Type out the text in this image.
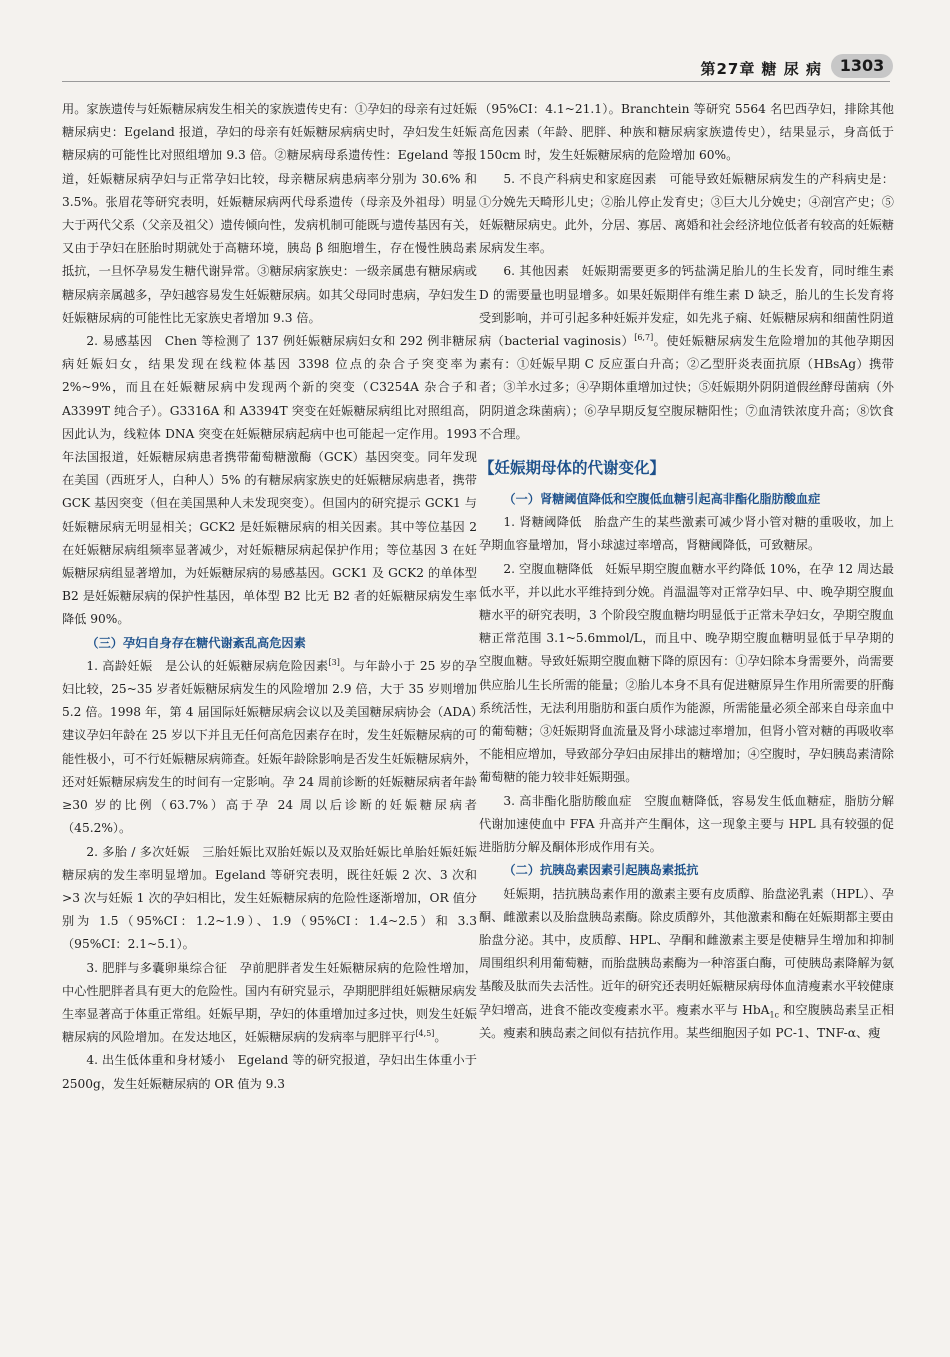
第27章 糖 尿 病	1303

用。家族遗传与妊娠糖尿病发生相关的家族遗传史有：①孕妇的母亲有过妊娠糖尿病史：Egeland 报道，孕妇的母亲有妊娠糖尿病病史时，孕妇发生妊娠糖尿病的可能性比对照组增加 9.3 倍。②糖尿病母系遗传性：Egeland 等报道，妊娠糖尿病孕妇与正常孕妇比较，母亲糖尿病患病率分别为 30.6% 和 3.5%。张眉花等研究表明，妊娠糖尿病两代母系遗传（母亲及外祖母）明显大于两代父系（父亲及祖父）遗传倾向性，发病机制可能既与遗传基因有关，又由于孕妇在胚胎时期就处于高糖环境，胰岛 β 细胞增生，存在慢性胰岛素抵抗，一旦怀孕易发生糖代谢异常。③糖尿病家族史：一级亲属患有糖尿病或糖尿病亲属越多，孕妇越容易发生妊娠糖尿病。如其父母同时患病，孕妇发生妊娠糖尿病的可能性比无家族史者增加 9.3 倍。

2. 易感基因　Chen 等检测了 137 例妊娠糖尿病妇女和 292 例非糖尿病妊娠妇女，结果发现在线粒体基因 3398 位点的杂合子突变率为 2%~9%，而且在妊娠糖尿病中发现两个新的突变（C3254A 杂合子和 A3399T 纯合子）。G3316A 和 A3394T 突变在妊娠糖尿病组比对照组高，因此认为，线粒体 DNA 突变在妊娠糖尿病起病中也可能起一定作用。1993 年法国报道，妊娠糖尿病患者携带葡萄糖激酶（GCK）基因突变。同年发现在美国（西班牙人，白种人）5% 的有糖尿病家族史的妊娠糖尿病患者，携带 GCK 基因突变（但在美国黑种人未发现突变）。但国内的研究提示 GCK1 与妊娠糖尿病无明显相关；GCK2 是妊娠糖尿病的相关因素。其中等位基因 2 在妊娠糖尿病组频率显著减少，对妊娠糖尿病起保护作用；等位基因 3 在妊娠糖尿病组显著增加，为妊娠糖尿病的易感基因。GCK1 及 GCK2 的单体型 B2 是妊娠糖尿病的保护性基因，单体型 B2 比无 B2 者的妊娠糖尿病发生率降低 90%。

（三）孕妇自身存在糖代谢紊乱高危因素

1. 高龄妊娠　是公认的妊娠糖尿病危险因素[3]。与年龄小于 25 岁的孕妇比较，25~35 岁者妊娠糖尿病发生的风险增加 2.9 倍，大于 35 岁则增加 5.2 倍。1998 年，第 4 届国际妊娠糖尿病会议以及美国糖尿病协会（ADA）建议孕妇年龄在 25 岁以下并且无任何高危因素存在时，发生妊娠糖尿病的可能性极小，可不行妊娠糖尿病筛查。妊娠年龄除影响是否发生妊娠糖尿病外，还对妊娠糖尿病发生的时间有一定影响。孕 24 周前诊断的妊娠糖尿病者年龄≥30 岁的比例（63.7%）高于孕 24 周以后诊断的妊娠糖尿病者（45.2%）。

2. 多胎 / 多次妊娠　三胎妊娠比双胎妊娠以及双胎妊娠比单胎妊娠妊娠糖尿病的发生率明显增加。Egeland 等研究表明，既往妊娠 2 次、3 次和 >3 次与妊娠 1 次的孕妇相比，发生妊娠糖尿病的危险性逐渐增加，OR 值分别为 1.5（95%CI：1.2~1.9）、1.9（95%CI：1.4~2.5）和 3.3（95%CI：2.1~5.1）。

3. 肥胖与多囊卵巢综合征　孕前肥胖者发生妊娠糖尿病的危险性增加，中心性肥胖者具有更大的危险性。国内有研究显示，孕期肥胖组妊娠糖尿病发生率显著高于体重正常组。妊娠早期，孕妇的体重增加过多过快，则发生妊娠糖尿病的风险增加。在发达地区，妊娠糖尿病的发病率与肥胖平行[4,5]。

4. 出生低体重和身材矮小　Egeland 等的研究报道，孕妇出生体重小于 2500g，发生妊娠糖尿病的 OR 值为 9.3

（95%CI：4.1~21.1）。Branchtein 等研究 5564 名巴西孕妇，排除其他高危因素（年龄、肥胖、种族和糖尿病家族遗传史），结果显示，身高低于 150cm 时，发生妊娠糖尿病的危险增加 60%。

5. 不良产科病史和家庭因素　可能导致妊娠糖尿病发生的产科病史是：①分娩先天畸形儿史；②胎儿停止发育史；③巨大儿分娩史；④剖宫产史；⑤妊娠糖尿病史。此外，分居、寡居、离婚和社会经济地位低者有较高的妊娠糖尿病发生率。

6. 其他因素　妊娠期需要更多的钙盐满足胎儿的生长发育，同时维生素 D 的需要量也明显增多。如果妊娠期伴有维生素 D 缺乏，胎儿的生长发育将受到影响，并可引起多种妊娠并发症，如先兆子痫、妊娠糖尿病和细菌性阴道病（bacterial vaginosis）[6,7]。使妊娠糖尿病发生危险增加的其他孕期因素有：①妊娠早期 C 反应蛋白升高；②乙型肝炎表面抗原（HBsAg）携带者；③羊水过多；④孕期体重增加过快；⑤妊娠期外阴阴道假丝酵母菌病（外阴阴道念珠菌病）；⑥孕早期反复空腹尿糖阳性；⑦血清铁浓度升高；⑧饮食不合理。

【妊娠期母体的代谢变化】

（一）肾糖阈值降低和空腹低血糖引起高非酯化脂肪酸血症

1. 肾糖阈降低　胎盘产生的某些激素可减少肾小管对糖的重吸收，加上孕期血容量增加，肾小球滤过率增高，肾糖阈降低，可致糖尿。

2. 空腹血糖降低　妊娠早期空腹血糖水平约降低 10%，在孕 12 周达最低水平，并以此水平维持到分娩。肖温温等对正常孕妇早、中、晚孕期空腹血糖水平的研究表明，3 个阶段空腹血糖均明显低于正常未孕妇女，孕期空腹血糖正常范围 3.1~5.6mmol/L，而且中、晚孕期空腹血糖明显低于早孕期的空腹血糖。导致妊娠期空腹血糖下降的原因有：①孕妇除本身需要外，尚需要供应胎儿生长所需的能量；②胎儿本身不具有促进糖原异生作用所需要的肝酶系统活性，无法利用脂肪和蛋白质作为能源，所需能量必须全部来自母亲血中的葡萄糖；③妊娠期肾血流量及肾小球滤过率增加，但肾小管对糖的再吸收率不能相应增加，导致部分孕妇由尿排出的糖增加；④空腹时，孕妇胰岛素清除葡萄糖的能力较非妊娠期强。

3. 高非酯化脂肪酸血症　空腹血糖降低，容易发生低血糖症，脂肪分解代谢加速使血中 FFA 升高并产生酮体，这一现象主要与 HPL 具有较强的促进脂肪分解及酮体形成作用有关。

（二）抗胰岛素因素引起胰岛素抵抗

妊娠期，拮抗胰岛素作用的激素主要有皮质醇、胎盘泌乳素（HPL）、孕酮、雌激素以及胎盘胰岛素酶。除皮质醇外，其他激素和酶在妊娠期都主要由胎盘分泌。其中，皮质醇、HPL、孕酮和雌激素主要是使糖异生增加和抑制周围组织利用葡萄糖，而胎盘胰岛素酶为一种溶蛋白酶，可使胰岛素降解为氨基酸及肽而失去活性。近年的研究还表明妊娠糖尿病母体血清瘦素水平较健康孕妇增高，进食不能改变瘦素水平。瘦素水平与 HbA$_{1c}$ 和空腹胰岛素呈正相关。瘦素和胰岛素之间似有拮抗作用。某些细胞因子如 PC-1、TNF-α、瘦
